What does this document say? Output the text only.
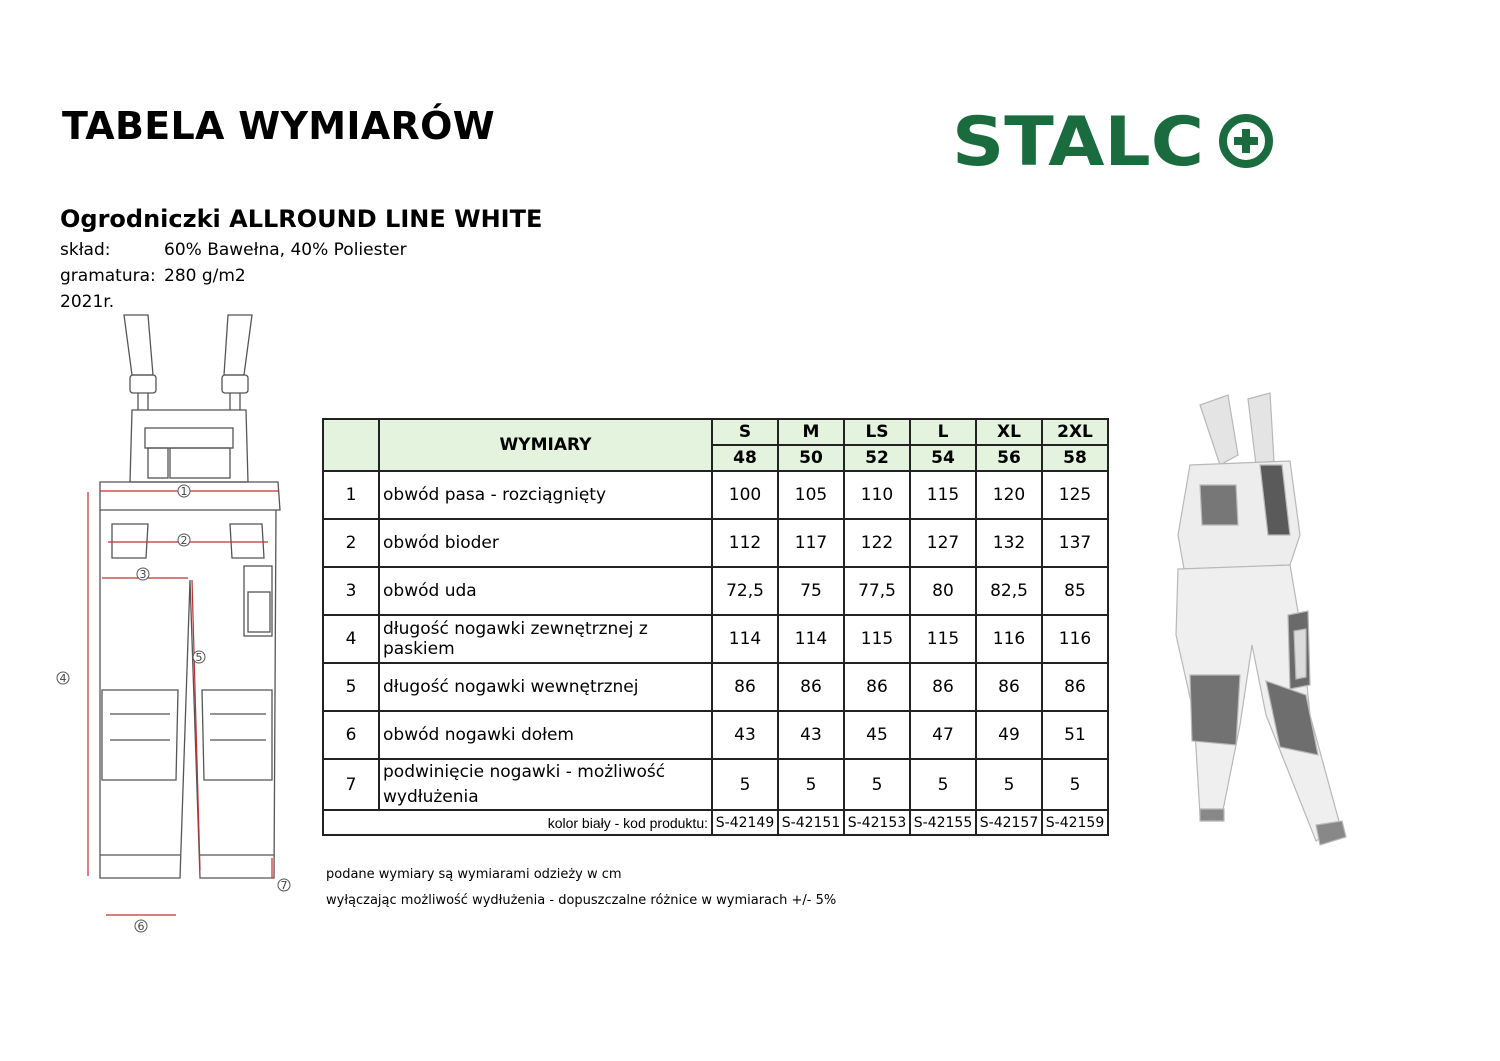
TABELA WYMIARÓW	STALC
Ogrodniczki ALLROUND LINE WHITE
skład:	60% Bawełna, 40% Poliester
gramatura: 280 g/m2
2021r.
1
2
3
4
5
6
7
	WYMIARY	S	M	LS	L	XL	2XL
		48	50	52	54	56	58
1	obwód pasa - rozciągnięty	100	105	110	115	120	125
2	obwód bioder	112	117	122	127	132	137
3	obwód uda	72,5	75	77,5	80	82,5	85
4	długość nogawki zewnętrznej z paskiem	114	114	115	115	116	116
5	długość nogawki wewnętrznej	86	86	86	86	86	86
6	obwód nogawki dołem	43	43	45	47	49	51
7	podwinięcie nogawki - możliwość wydłużenia	5	5	5	5	5	5
kolor biały - kod produktu:		S-42149	S-42151	S-42153	S-42155	S-42157	S-42159
podane wymiary są wymiarami odzieży w cm
wyłączając możliwość wydłużenia - dopuszczalne różnice w wymiarach +/- 5%
